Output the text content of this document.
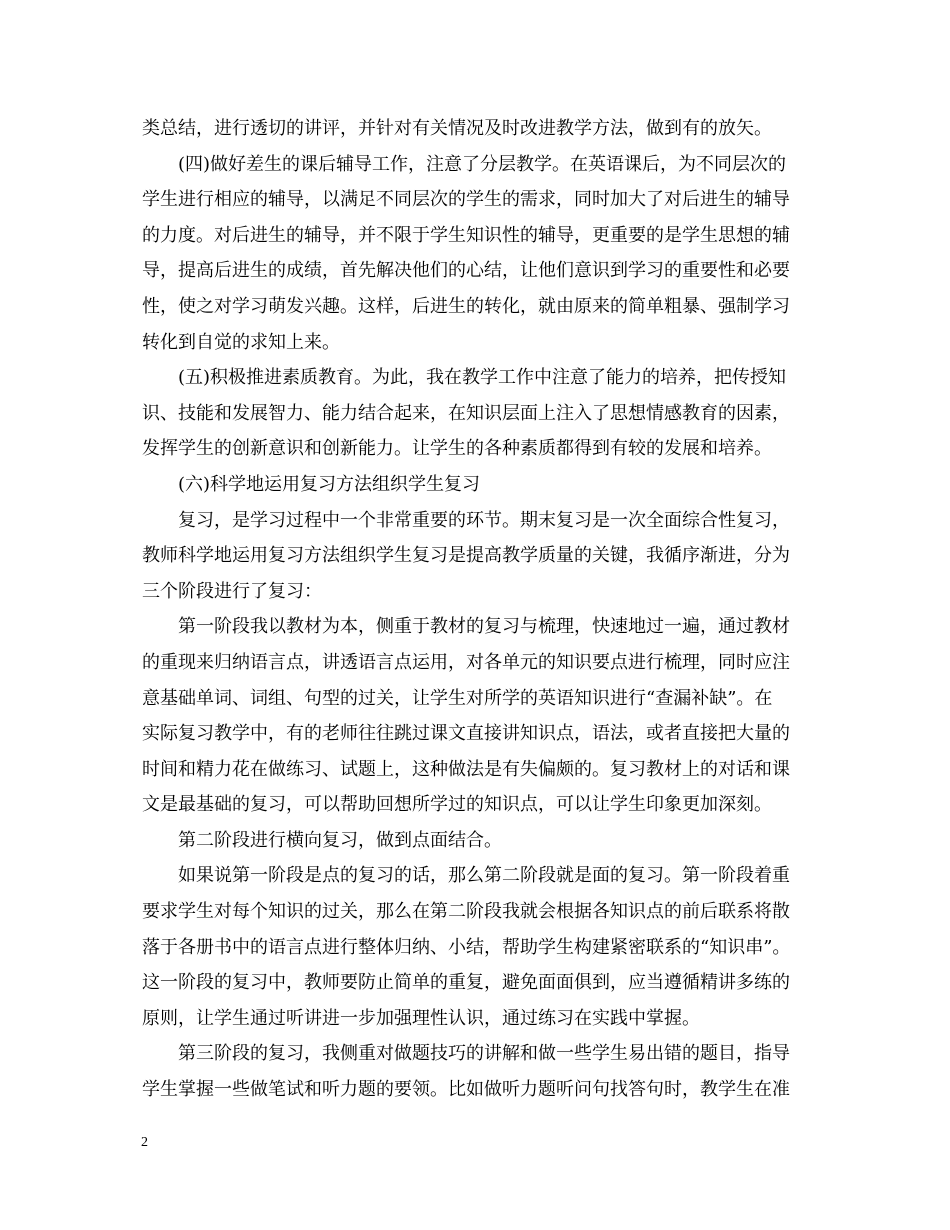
类总结，进行透切的讲评，并针对有关情况及时改进教学方法，做到有的放矢。
　　(四)做好差生的课后辅导工作，注意了分层教学。在英语课后，为不同层次的
学生进行相应的辅导，以满足不同层次的学生的需求，同时加大了对后进生的辅导
的力度。对后进生的辅导，并不限于学生知识性的辅导，更重要的是学生思想的辅
导，提高后进生的成绩，首先解决他们的心结，让他们意识到学习的重要性和必要
性，使之对学习萌发兴趣。这样，后进生的转化，就由原来的简单粗暴、强制学习
转化到自觉的求知上来。
　　(五)积极推进素质教育。为此，我在教学工作中注意了能力的培养，把传授知
识、技能和发展智力、能力结合起来，在知识层面上注入了思想情感教育的因素，
发挥学生的创新意识和创新能力。让学生的各种素质都得到有较的发展和培养。
　　(六)科学地运用复习方法组织学生复习
　　复习，是学习过程中一个非常重要的环节。期末复习是一次全面综合性复习，
教师科学地运用复习方法组织学生复习是提高教学质量的关键，我循序渐进，分为
三个阶段进行了复习：
　　第一阶段我以教材为本，侧重于教材的复习与梳理，快速地过一遍，通过教材
的重现来归纳语言点，讲透语言点运用，对各单元的知识要点进行梳理，同时应注
意基础单词、词组、句型的过关，让学生对所学的英语知识进行“查漏补缺”。在
实际复习教学中，有的老师往往跳过课文直接讲知识点，语法，或者直接把大量的
时间和精力花在做练习、试题上，这种做法是有失偏颇的。复习教材上的对话和课
文是最基础的复习，可以帮助回想所学过的知识点，可以让学生印象更加深刻。
　　第二阶段进行横向复习，做到点面结合。
　　如果说第一阶段是点的复习的话，那么第二阶段就是面的复习。第一阶段着重
要求学生对每个知识的过关，那么在第二阶段我就会根据各知识点的前后联系将散
落于各册书中的语言点进行整体归纳、小结，帮助学生构建紧密联系的“知识串”。
这一阶段的复习中，教师要防止简单的重复，避免面面俱到，应当遵循精讲多练的
原则，让学生通过听讲进一步加强理性认识，通过练习在实践中掌握。
　　第三阶段的复习，我侧重对做题技巧的讲解和做一些学生易出错的题目，指导
学生掌握一些做笔试和听力题的要领。比如做听力题听问句找答句时，教学生在准
2
